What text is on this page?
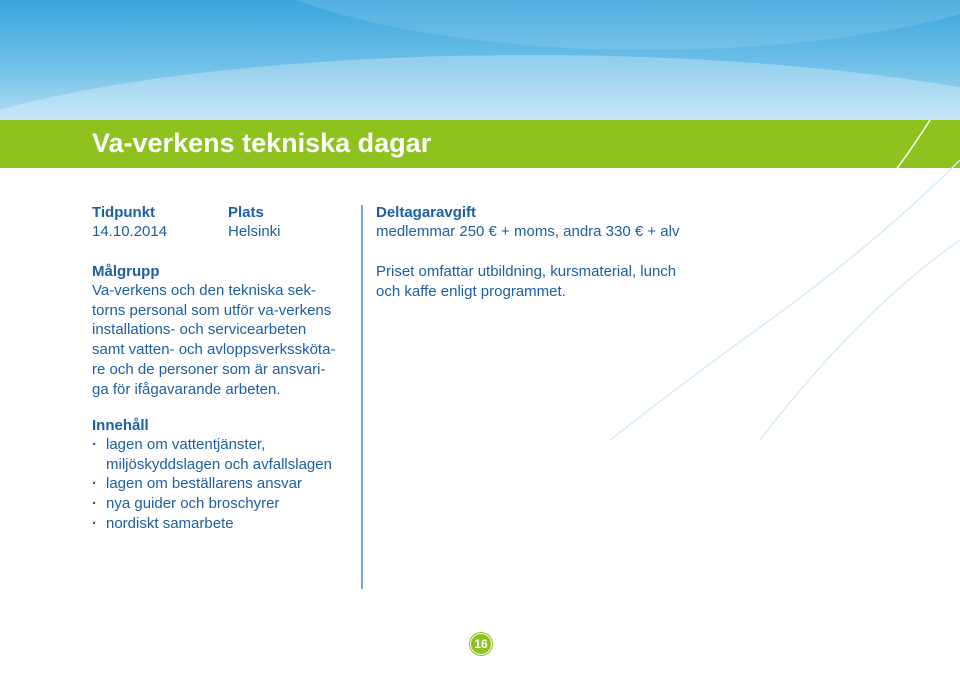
Va-verkens tekniska dagar
Tidpunkt
14.10.2014
Plats
Helsinki
Målgrupp
Va-verkens och den tekniska sek-
torns personal som utför va-verkens
installations- och servicearbeten
samt vatten- och avloppsverksskötа-
re och de personer som är ansvari-
ga för ifågavarande arbeten.
Innehåll
· lagen om vattentjänster,
miljöskyddslagen och avfallslagen
· lagen om beställarens ansvar
· nya guider och broschyrer
· nordiskt samarbete
Deltagaravgift
medlemmar 250 € + moms, andra 330 € + alv
Priset omfattar utbildning, kursmaterial, lunch
och kaffe enligt programmet.
16
